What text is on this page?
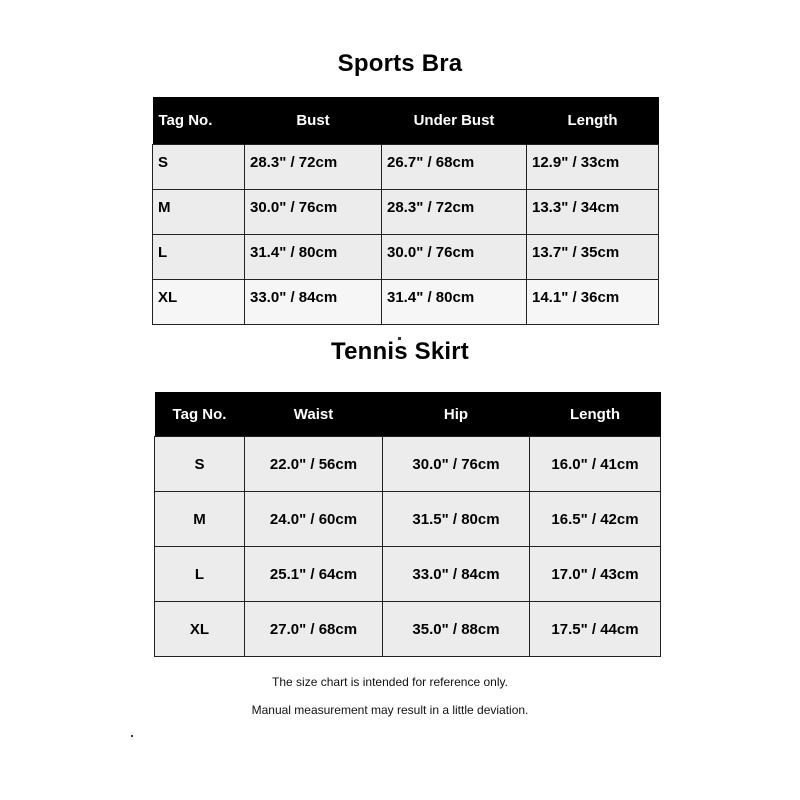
Sports Bra
Tag No.	Bust	Under Bust	Length
S	28.3" / 72cm	26.7" / 68cm	12.9" / 33cm
M	30.0" / 76cm	28.3" / 72cm	13.3" / 34cm
L	31.4" / 80cm	30.0" / 76cm	13.7" / 35cm
XL	33.0" / 84cm	31.4" / 80cm	14.1" / 36cm
Tennis Skirt
Tag No.	Waist	Hip	Length
S	22.0" / 56cm	30.0" / 76cm	16.0" / 41cm
M	24.0" / 60cm	31.5" / 80cm	16.5" / 42cm
L	25.1" / 64cm	33.0" / 84cm	17.0" / 43cm
XL	27.0" / 68cm	35.0" / 88cm	17.5" / 44cm
The size chart is intended for reference only.
Manual measurement may result in a little deviation.
